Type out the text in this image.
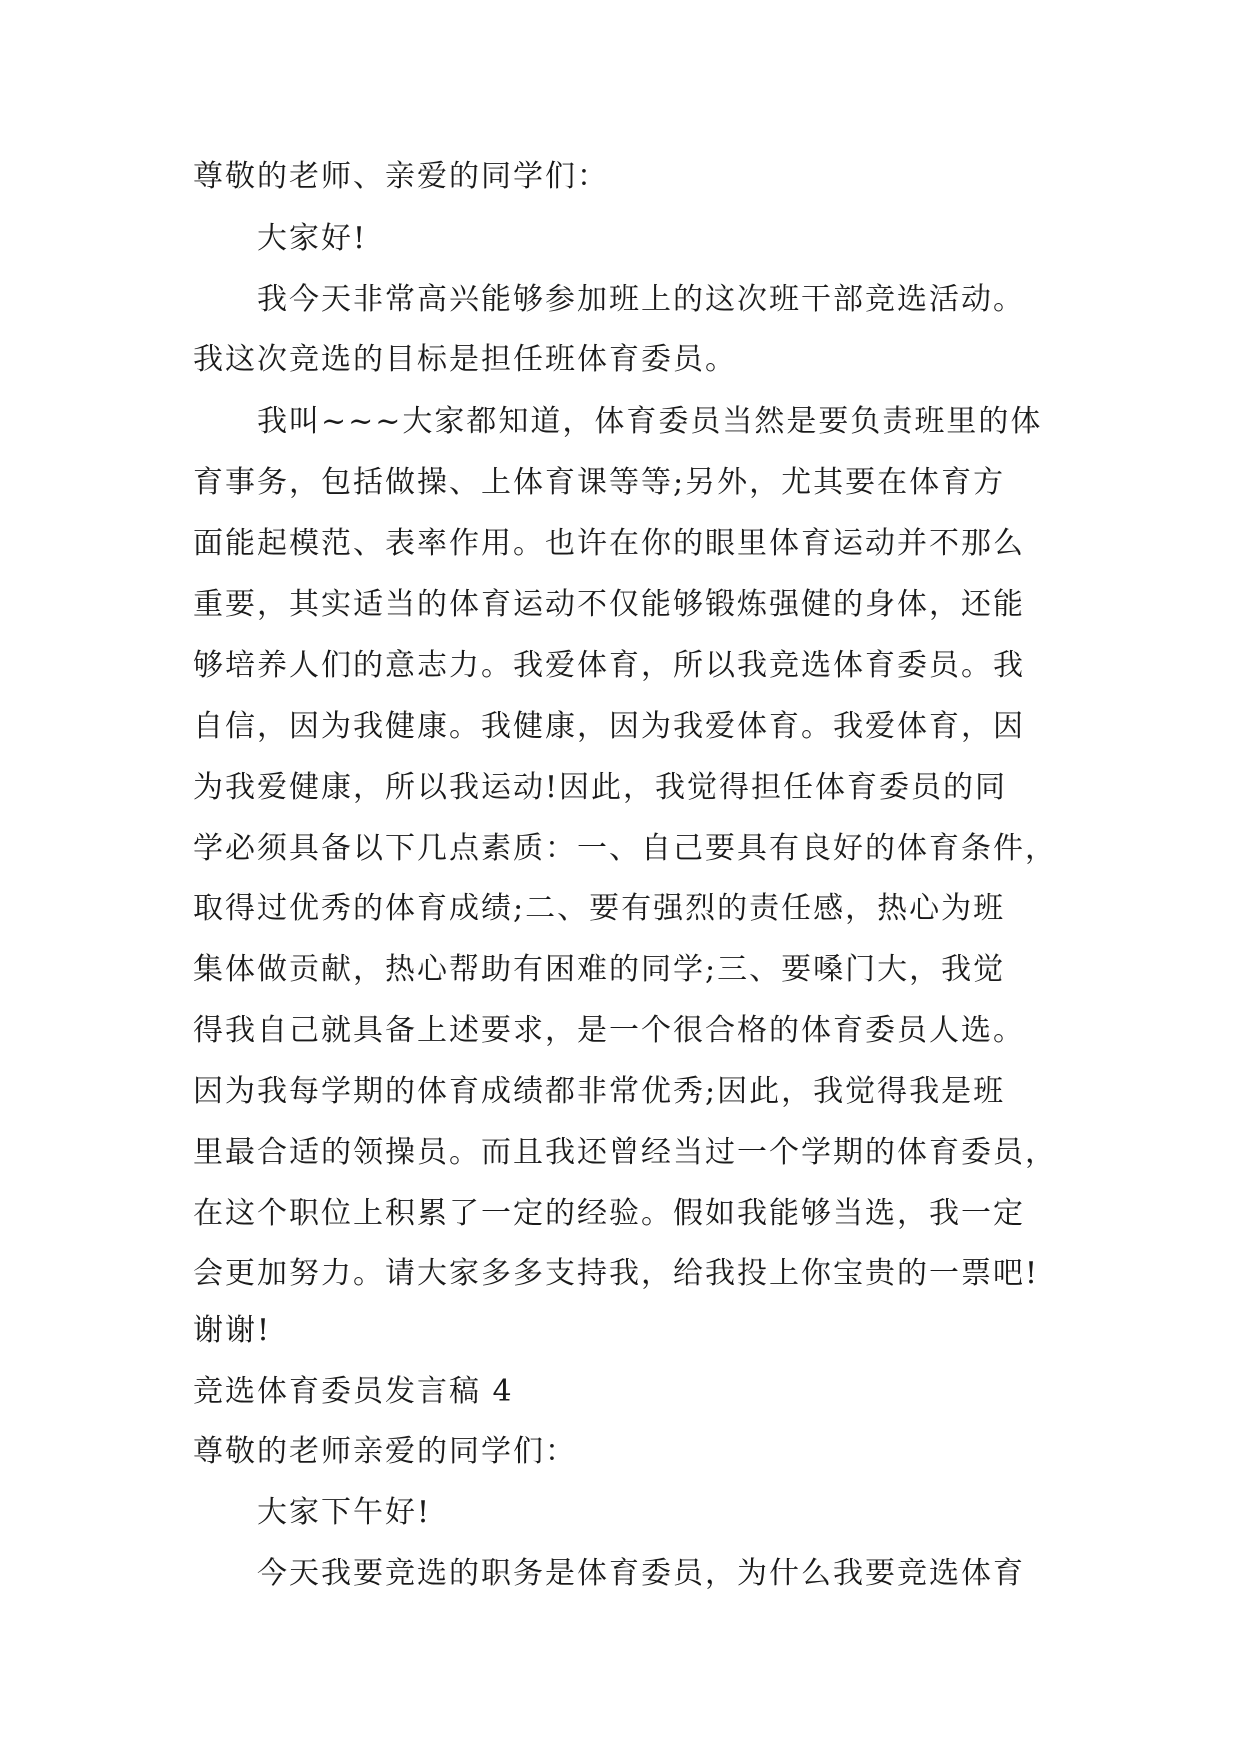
尊敬的老师、亲爱的同学们：
大家好!
我今天非常高兴能够参加班上的这次班干部竞选活动。
我这次竞选的目标是担任班体育委员。
我叫~~~大家都知道，体育委员当然是要负责班里的体
育事务，包括做操、上体育课等等;另外，尤其要在体育方
面能起模范、表率作用。也许在你的眼里体育运动并不那么
重要，其实适当的体育运动不仅能够锻炼强健的身体，还能
够培养人们的意志力。我爱体育，所以我竞选体育委员。我
自信，因为我健康。我健康，因为我爱体育。我爱体育，因
为我爱健康，所以我运动!因此，我觉得担任体育委员的同
学必须具备以下几点素质：一、自己要具有良好的体育条件，
取得过优秀的体育成绩;二、要有强烈的责任感，热心为班
集体做贡献，热心帮助有困难的同学;三、要嗓门大，我觉
得我自己就具备上述要求，是一个很合格的体育委员人选。
因为我每学期的体育成绩都非常优秀;因此，我觉得我是班
里最合适的领操员。而且我还曾经当过一个学期的体育委员，
在这个职位上积累了一定的经验。假如我能够当选，我一定
会更加努力。请大家多多支持我，给我投上你宝贵的一票吧!
谢谢!
竞选体育委员发言稿 4
尊敬的老师亲爱的同学们：
大家下午好!
今天我要竞选的职务是体育委员，为什么我要竞选体育
